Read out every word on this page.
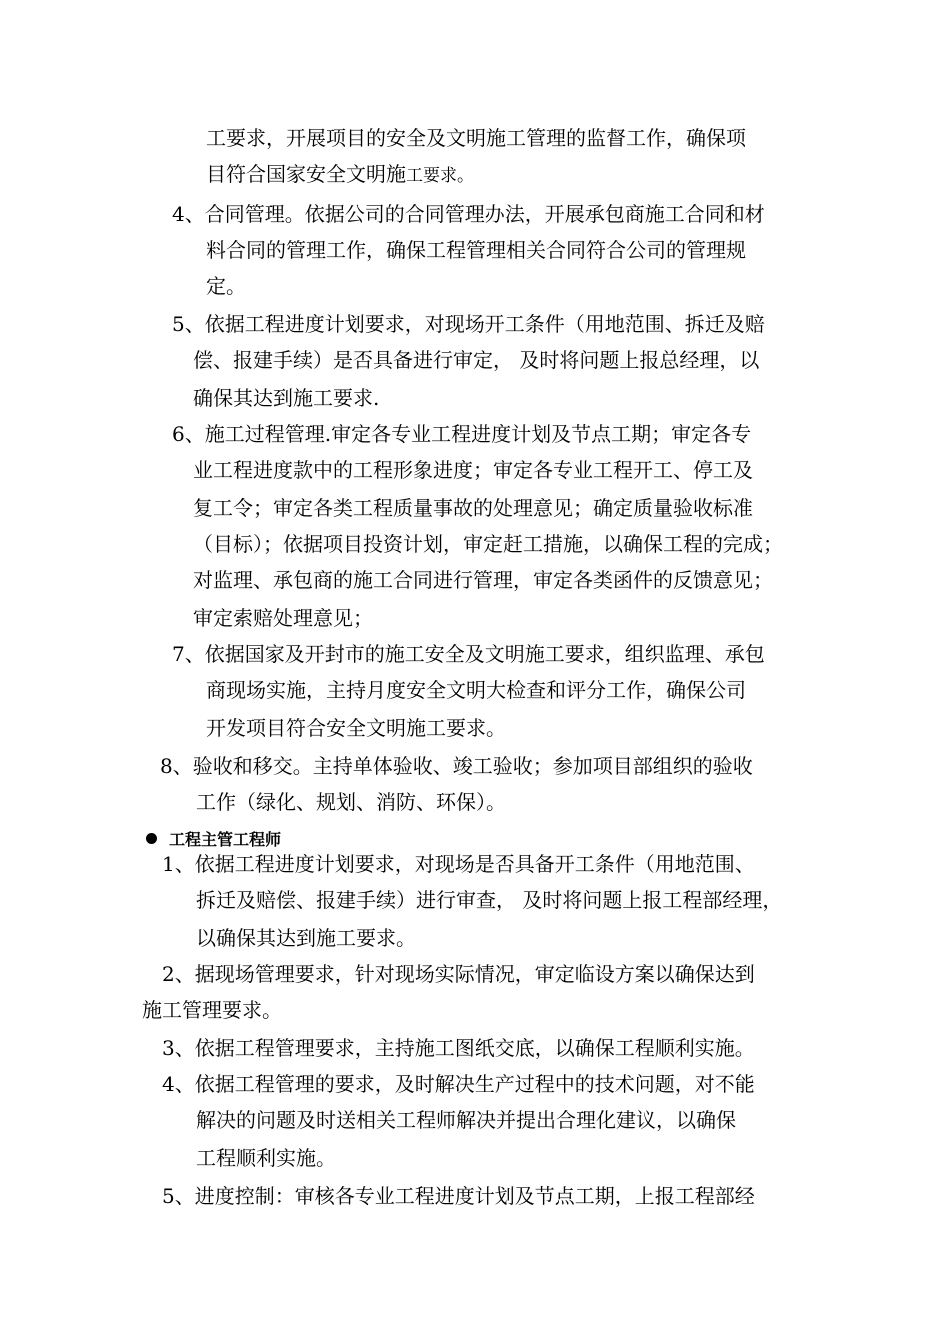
工要求，开展项目的安全及文明施工管理的监督工作，确保项
目符合国家安全文明施工要求。
4、合同管理。依据公司的合同管理办法，开展承包商施工合同和材
料合同的管理工作，确保工程管理相关合同符合公司的管理规
定。
5、依据工程进度计划要求，对现场开工条件（用地范围、拆迁及赔
偿、报建手续）是否具备进行审定， 及时将问题上报总经理，以
确保其达到施工要求.
6、施工过程管理.审定各专业工程进度计划及节点工期；审定各专
业工程进度款中的工程形象进度；审定各专业工程开工、停工及
复工令；审定各类工程质量事故的处理意见；确定质量验收标准
（目标）；依据项目投资计划，审定赶工措施，以确保工程的完成；
对监理、承包商的施工合同进行管理，审定各类函件的反馈意见；
审定索赔处理意见；
7、依据国家及开封市的施工安全及文明施工要求，组织监理、承包
商现场实施，主持月度安全文明大检查和评分工作，确保公司
开发项目符合安全文明施工要求。
8、验收和移交。主持单体验收、竣工验收；参加项目部组织的验收
工作（绿化、规划、消防、环保）。
工程主管工程师
1、依据工程进度计划要求，对现场是否具备开工条件（用地范围、
拆迁及赔偿、报建手续）进行审查， 及时将问题上报工程部经理，
以确保其达到施工要求。
2、据现场管理要求，针对现场实际情况，审定临设方案以确保达到
施工管理要求。
3、依据工程管理要求，主持施工图纸交底，以确保工程顺利实施。
4、依据工程管理的要求，及时解决生产过程中的技术问题，对不能
解决的问题及时送相关工程师解决并提出合理化建议，以确保
工程顺利实施。
5、进度控制：审核各专业工程进度计划及节点工期，上报工程部经
